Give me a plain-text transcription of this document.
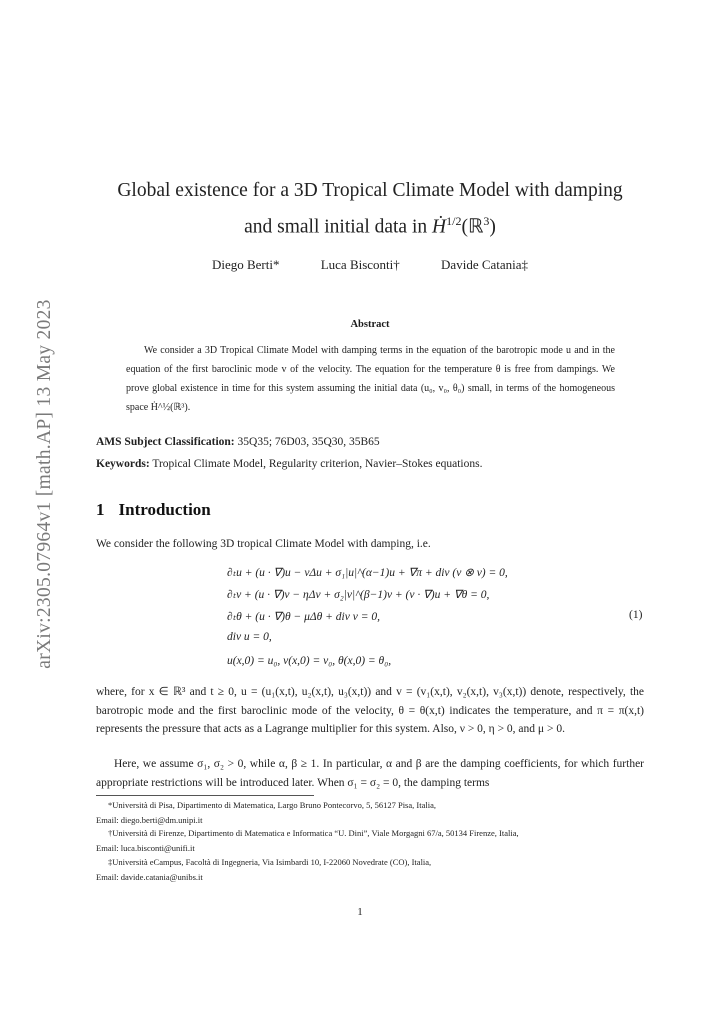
arXiv:2305.07964v1 [math.AP] 13 May 2023
Global existence for a 3D Tropical Climate Model with damping
and small initial data in Ḣ$^{1/2}$(ℝ$^3$)
Diego Berti*	Luca Bisconti†	Davide Catania‡
Abstract
We consider a 3D Tropical Climate Model with damping terms in the equation of the barotropic mode u and in the equation of the first baroclinic mode v of the velocity. The equation for the temperature θ is free from dampings. We prove global existence in time for this system assuming the initial data (u₀, v₀, θ₀) small, in terms of the homogeneous space Ḣ^½(ℝ³).
AMS Subject Classification: 35Q35; 76D03, 35Q30, 35B65
Keywords: Tropical Climate Model, Regularity criterion, Navier–Stokes equations.
1 Introduction
We consider the following 3D tropical Climate Model with damping, i.e.
∂ₜu + (u · ∇)u − νΔu + σ₁|u|^(α−1)u + ∇π + div (v ⊗ v) = 0,
∂ₜv + (u · ∇)v − ηΔv + σ₂|v|^(β−1)v + (v · ∇)u + ∇θ = 0,
∂ₜθ + (u · ∇)θ − μΔθ + div v = 0,
div u = 0,
u(x,0) = u₀, v(x,0) = v₀, θ(x,0) = θ₀,
(1)
where, for x ∈ ℝ³ and t ≥ 0, u = (u₁(x,t), u₂(x,t), u₃(x,t)) and v = (v₁(x,t), v₂(x,t), v₃(x,t)) denote, respectively, the barotropic mode and the first baroclinic mode of the velocity, θ = θ(x,t) indicates the temperature, and π = π(x,t) represents the pressure that acts as a Lagrange multiplier for this system. Also, ν > 0, η > 0, and μ > 0.
Here, we assume σ₁, σ₂ > 0, while α, β ≥ 1. In particular, α and β are the damping coefficients, for which further appropriate restrictions will be introduced later. When σ₁ = σ₂ = 0, the damping terms
*Università di Pisa, Dipartimento di Matematica, Largo Bruno Pontecorvo, 5, 56127 Pisa, Italia,
Email: diego.berti@dm.unipi.it
†Università di Firenze, Dipartimento di Matematica e Informatica “U. Dini”, Viale Morgagni 67/a, 50134 Firenze, Italia,
Email: luca.bisconti@unifi.it
‡Università eCampus, Facoltà di Ingegneria, Via Isimbardi 10, I-22060 Novedrate (CO), Italia,
Email: davide.catania@unibs.it
1
